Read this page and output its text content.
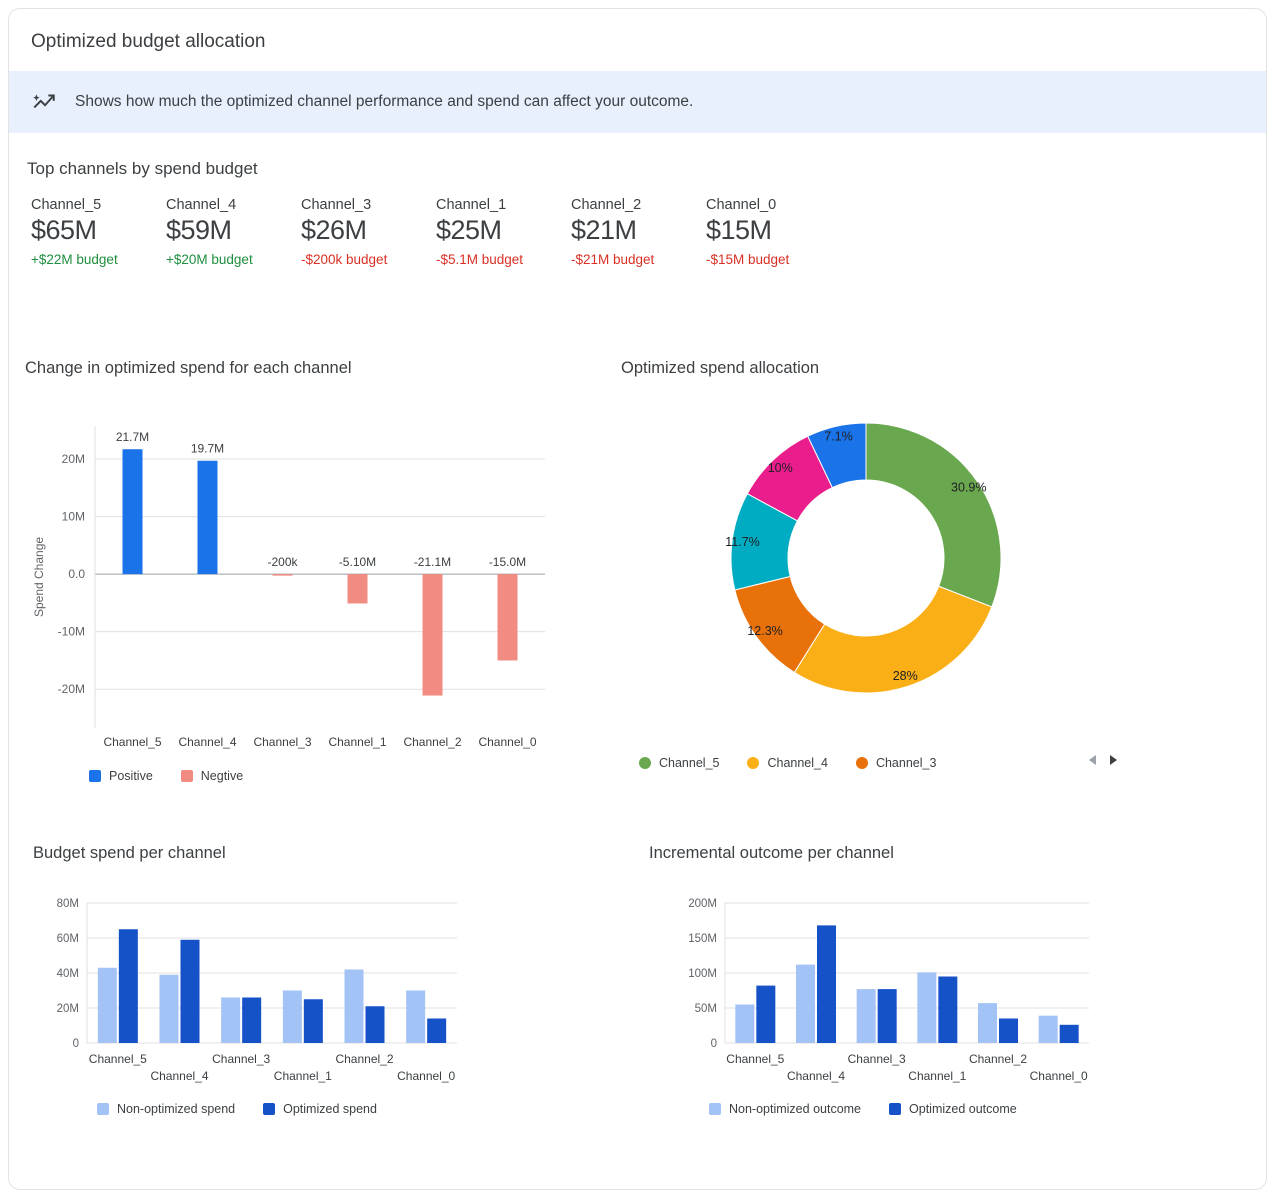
Optimized budget allocation
Shows how much the optimized channel performance and spend can affect your outcome.
Top channels by spend budget
Channel_5
$65M
+$22M budget
Channel_4
$59M
+$20M budget
Channel_3
$26M
-$200k budget
Channel_1
$25M
-$5.1M budget
Channel_2
$21M
-$21M budget
Channel_0
$15M
-$15M budget
Change in optimized spend for each channel
20M
10M
0.0
-10M
-20M
21.7M
Channel_5
19.7M
Channel_4
-200k
Channel_3
-5.10M
Channel_1
-21.1M
Channel_2
-15.0M
Channel_0
Spend Change
Positive	Negtive
Optimized spend allocation
30.9%
28%
12.3%
11.7%
10%
7.1%
Channel_5	Channel_4	Channel_3
Budget spend per channel
0
20M
40M
60M
80M
Channel_5
Channel_4
Channel_3
Channel_1
Channel_2
Channel_0
Non-optimized spend	Optimized spend
Incremental outcome per channel
0
50M
100M
150M
200M
Channel_5
Channel_4
Channel_3
Channel_1
Channel_2
Channel_0
Non-optimized outcome	Optimized outcome
